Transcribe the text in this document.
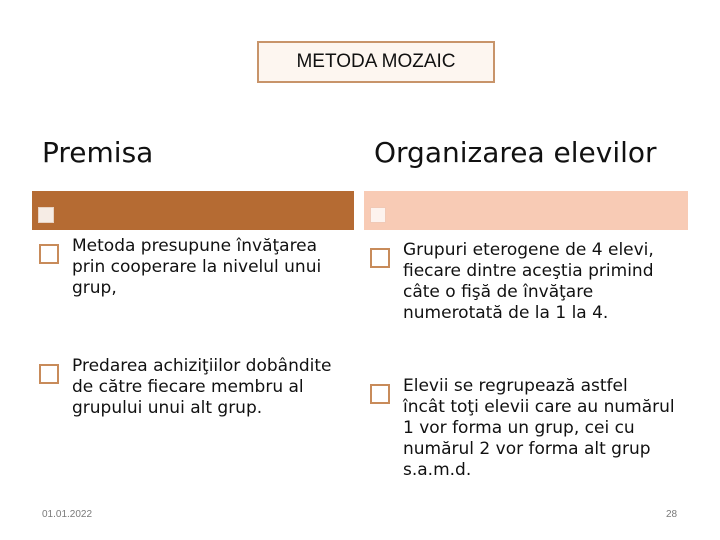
METODA MOZAIC
Premisa	Organizarea elevilor
Metoda presupune învăţarea prin cooperare la nivelul unui grup,
Predarea achiziţiilor dobândite de către fiecare membru al grupului unui alt grup.
Grupuri eterogene de 4 elevi, fiecare dintre aceştia primind câte o fişă de învăţare numerotată de la 1 la 4.
Elevii se regrupează astfel încât toţi elevii care au numărul 1 vor forma un grup, cei cu numărul 2 vor forma alt grup s.a.m.d.
01.01.2022	28
